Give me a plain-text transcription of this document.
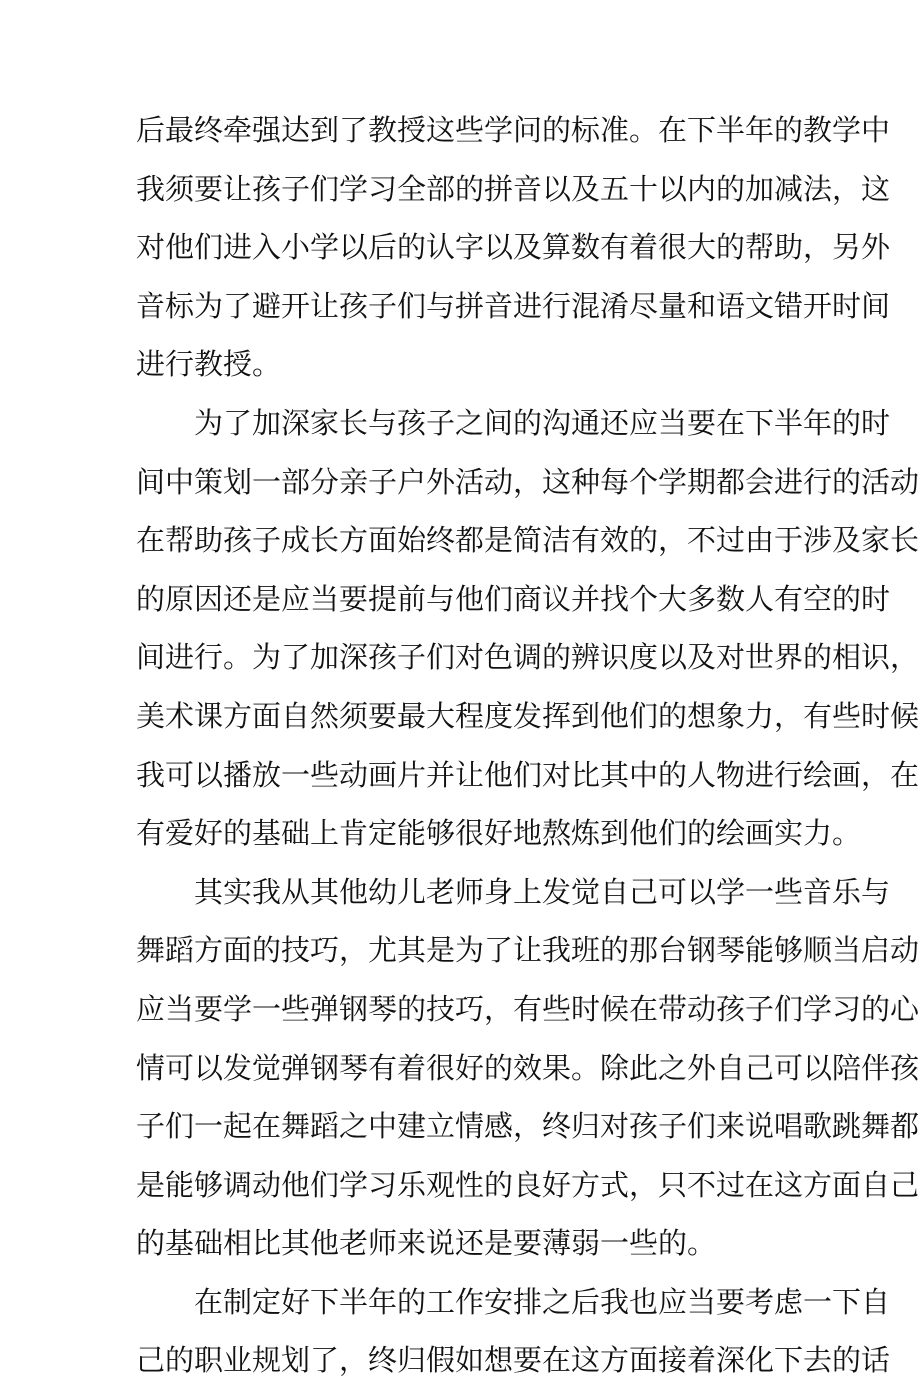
后最终牵强达到了教授这些学问的标准。在下半年的教学中
我须要让孩子们学习全部的拼音以及五十以内的加减法，这
对他们进入小学以后的认字以及算数有着很大的帮助，另外
音标为了避开让孩子们与拼音进行混淆尽量和语文错开时间
进行教授。
为了加深家长与孩子之间的沟通还应当要在下半年的时
间中策划一部分亲子户外活动，这种每个学期都会进行的活动
在帮助孩子成长方面始终都是简洁有效的，不过由于涉及家长
的原因还是应当要提前与他们商议并找个大多数人有空的时
间进行。为了加深孩子们对色调的辨识度以及对世界的相识，
美术课方面自然须要最大程度发挥到他们的想象力，有些时候
我可以播放一些动画片并让他们对比其中的人物进行绘画，在
有爱好的基础上肯定能够很好地熬炼到他们的绘画实力。
其实我从其他幼儿老师身上发觉自己可以学一些音乐与
舞蹈方面的技巧，尤其是为了让我班的那台钢琴能够顺当启动
应当要学一些弹钢琴的技巧，有些时候在带动孩子们学习的心
情可以发觉弹钢琴有着很好的效果。除此之外自己可以陪伴孩
子们一起在舞蹈之中建立情感，终归对孩子们来说唱歌跳舞都
是能够调动他们学习乐观性的良好方式，只不过在这方面自己
的基础相比其他老师来说还是要薄弱一些的。
在制定好下半年的工作安排之后我也应当要考虑一下自
己的职业规划了，终归假如想要在这方面接着深化下去的话
